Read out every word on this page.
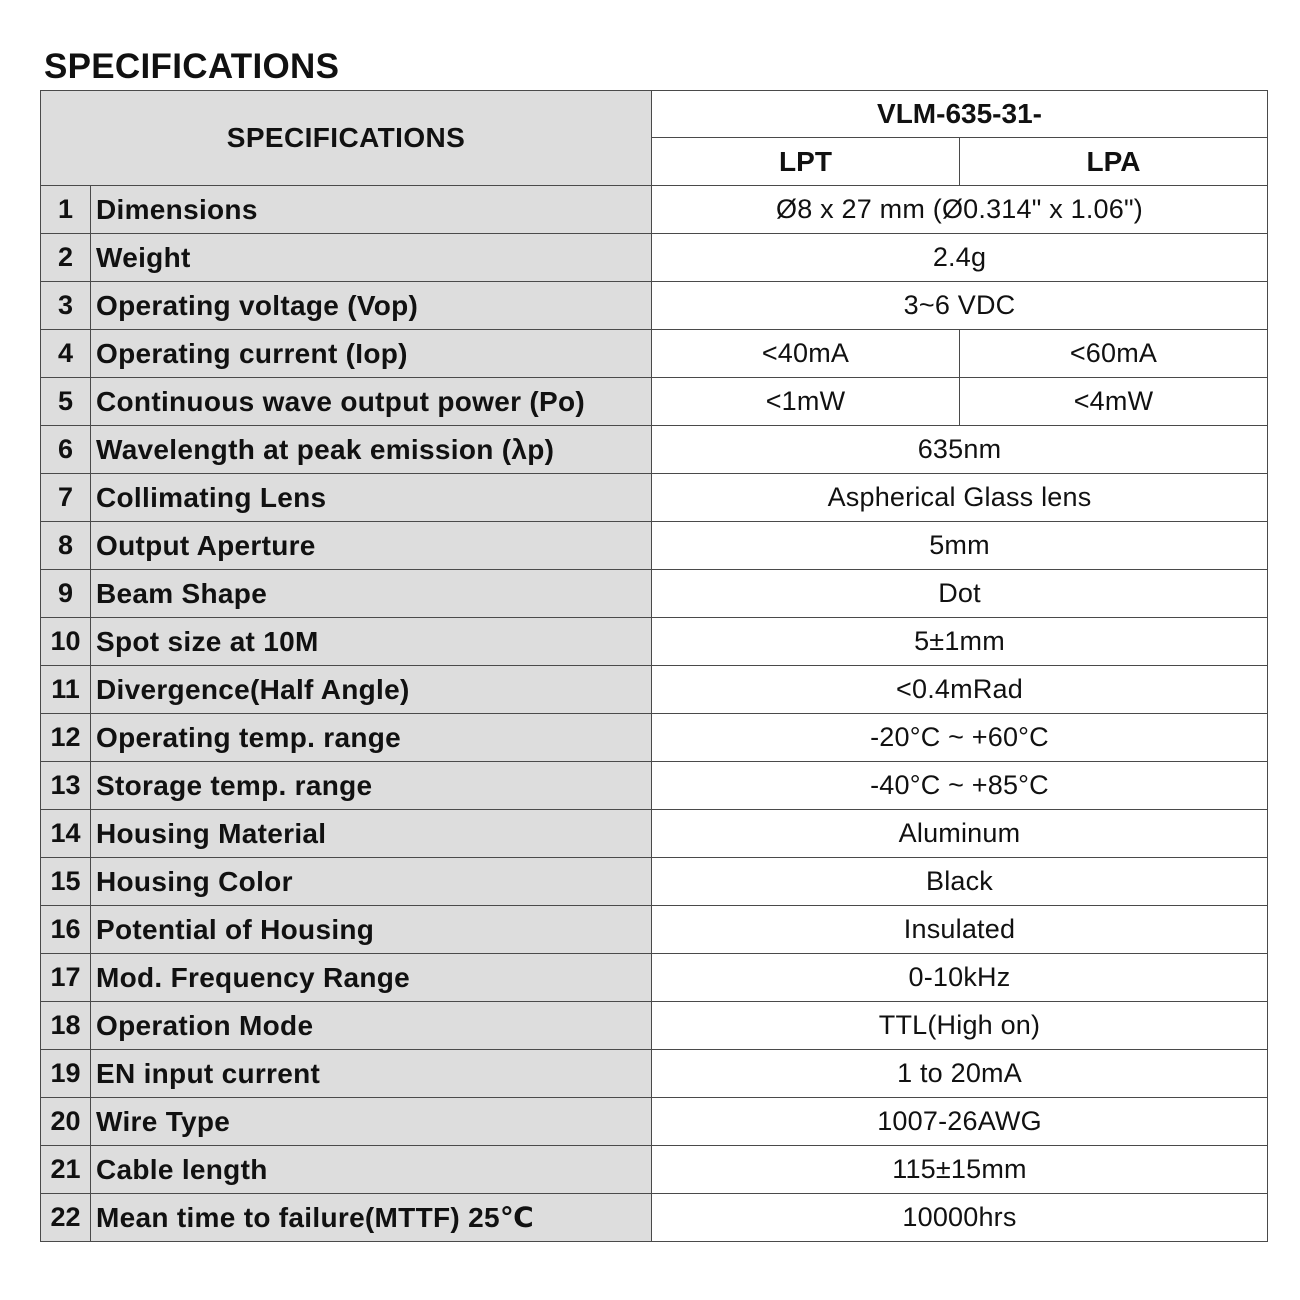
SPECIFICATIONS
SPECIFICATIONS		VLM-635-31-	
		LPT	LPA
1	Dimensions	Ø8 x 27 mm (Ø0.314" x 1.06")	
2	Weight	2.4g	
3	Operating voltage (Vop)	3~6 VDC	
4	Operating current (Iop)	<40mA	<60mA
5	Continuous wave output power (Po)	<1mW	<4mW
6	Wavelength at peak emission (λp)	635nm	
7	Collimating Lens	Aspherical Glass lens	
8	Output Aperture	5mm	
9	Beam Shape	Dot	
10	Spot size at 10M	5±1mm	
11	Divergence(Half Angle)	<0.4mRad	
12	Operating temp. range	-20°C ~ +60°C	
13	Storage temp. range	-40°C ~ +85°C	
14	Housing Material	Aluminum	
15	Housing Color	Black	
16	Potential of Housing	Insulated	
17	Mod. Frequency Range	0-10kHz	
18	Operation Mode	TTL(High on)	
19	EN input current	1 to 20mA	
20	Wire Type	1007-26AWG	
21	Cable length	115±15mm	
22	Mean time to failure(MTTF) 25℃	10000hrs	
